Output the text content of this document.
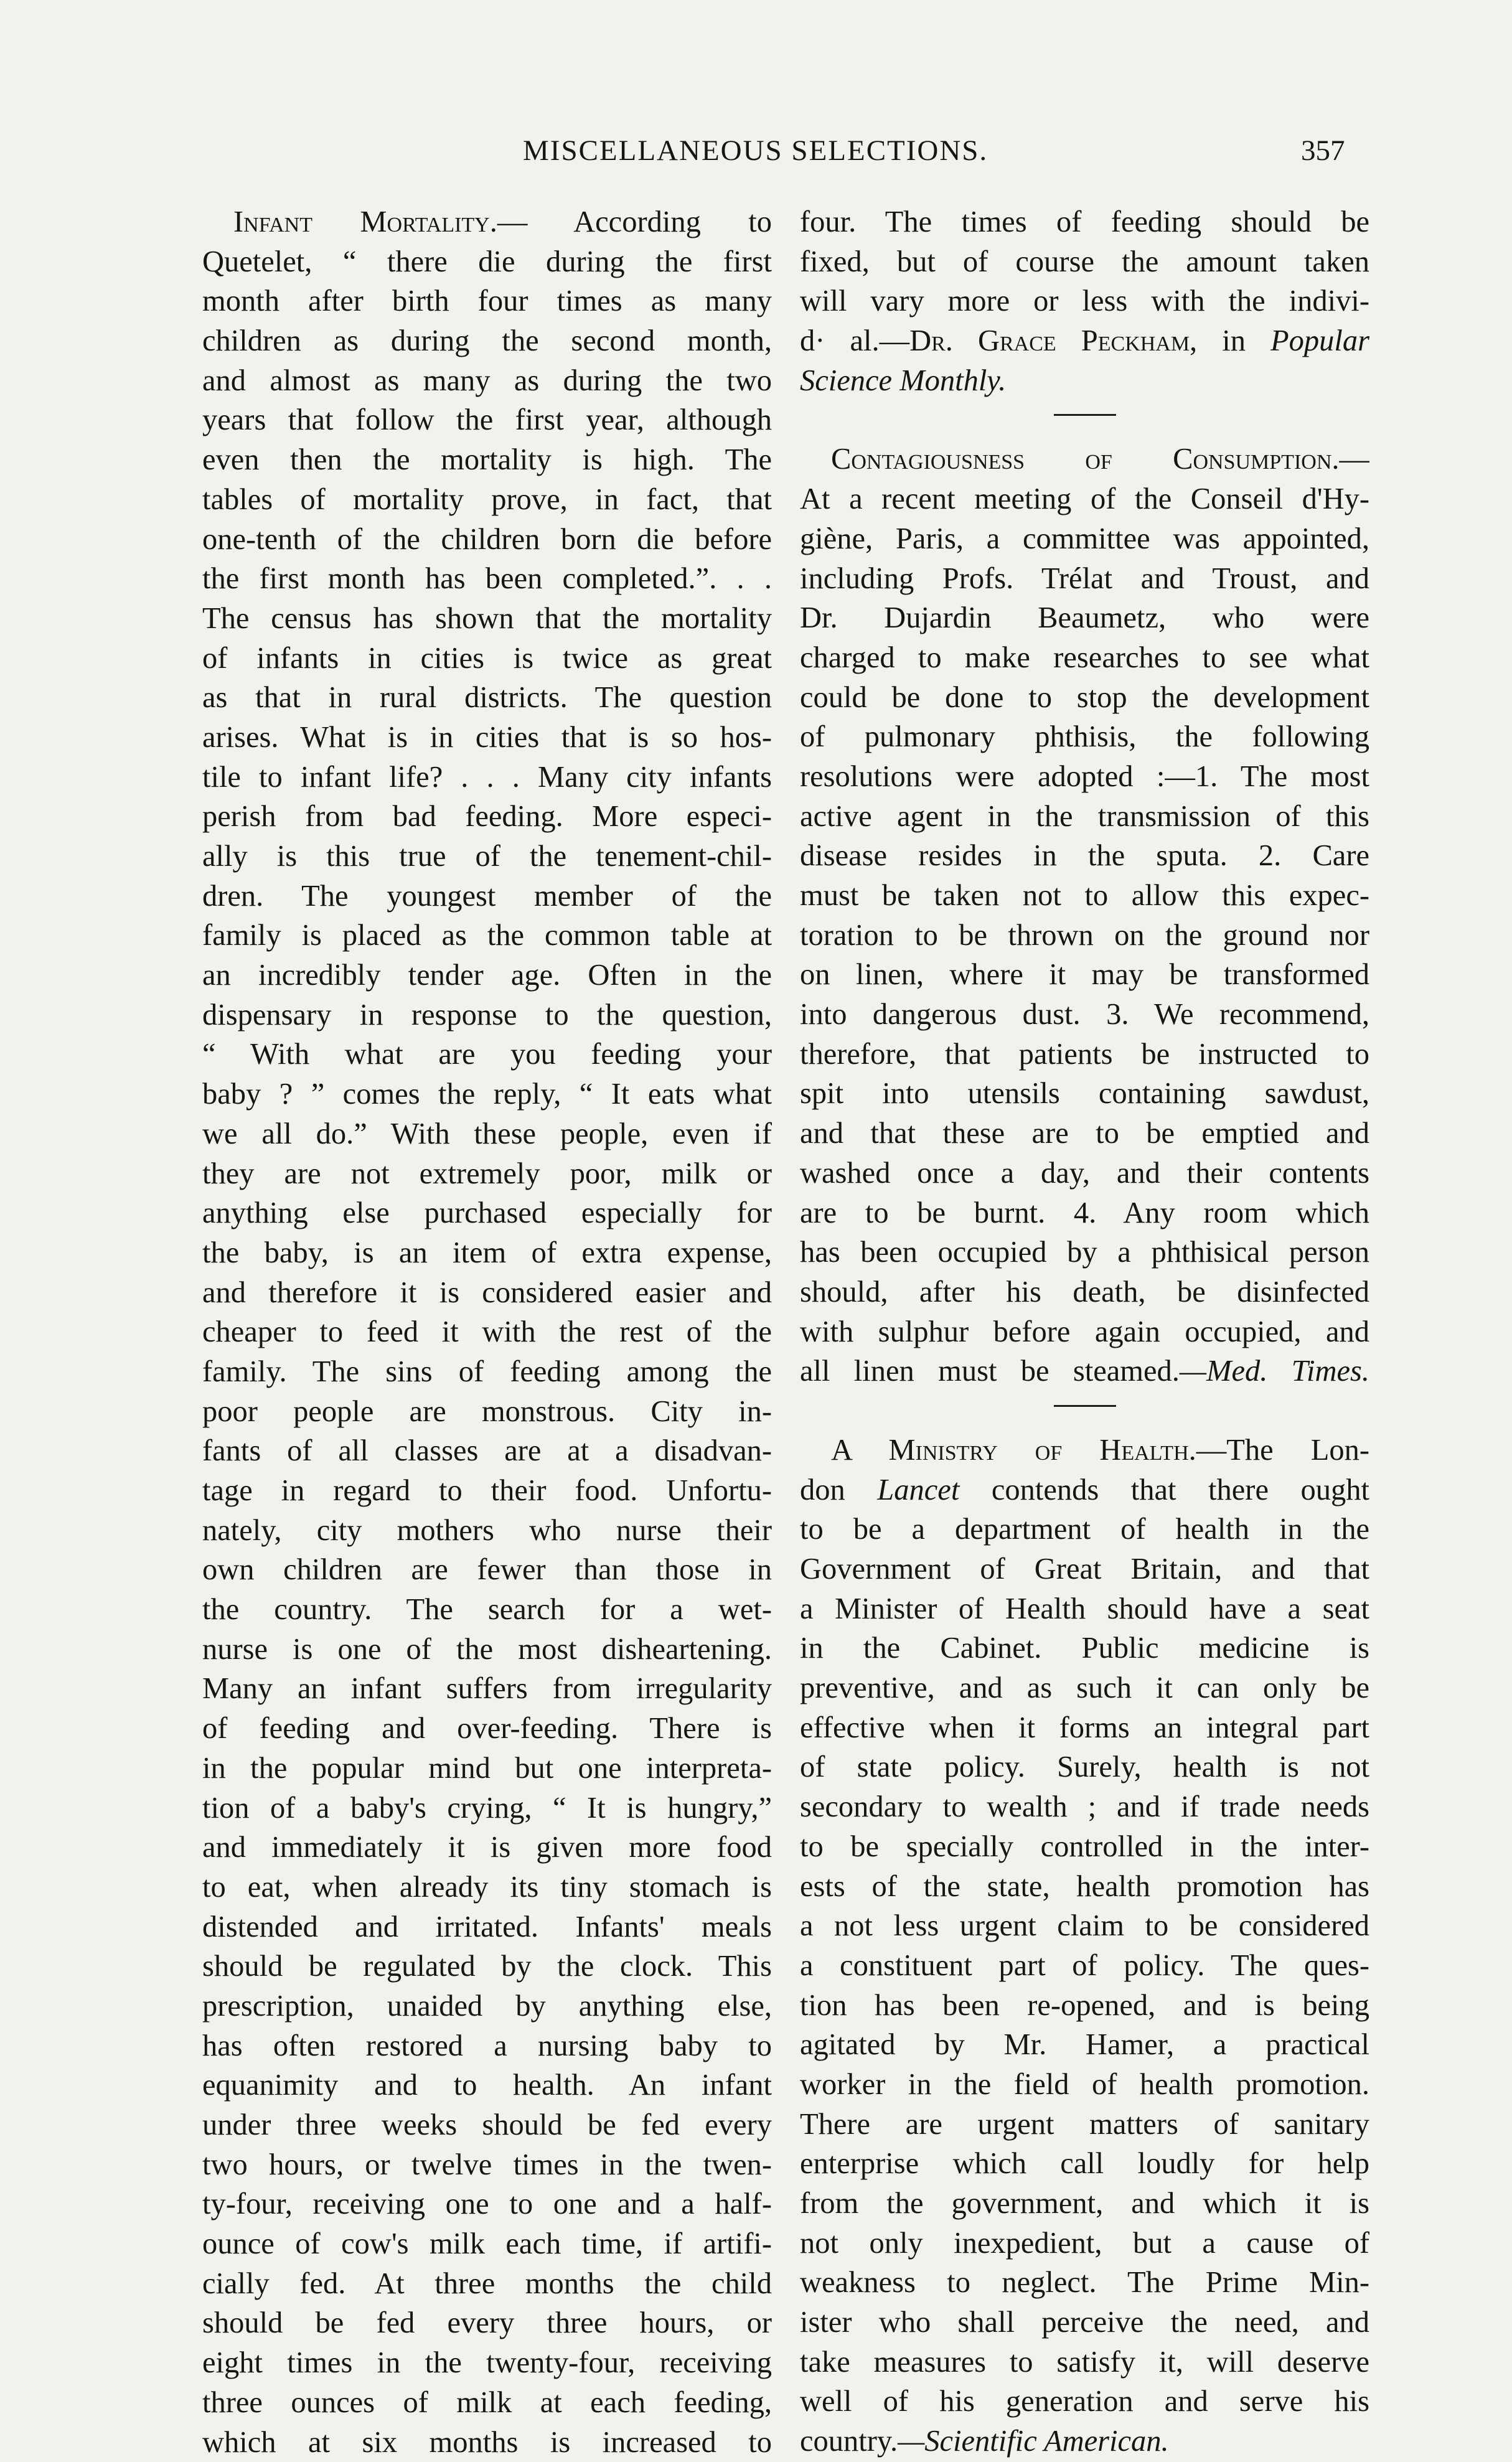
MISCELLANEOUS SELECTIONS.	357
Infant Mortality.— According to
Quetelet, “ there die during the first
month after birth four times as many
children as during the second month,
and almost as many as during the two
years that follow the first year, although
even then the mortality is high. The
tables of mortality prove, in fact, that
one-tenth of the children born die before
the first month has been completed.”. . .
The census has shown that the mortality
of infants in cities is twice as great
as that in rural districts. The question
arises. What is in cities that is so hos-
tile to infant life? . . . Many city infants
perish from bad feeding. More especi-
ally is this true of the tenement-chil-
dren. The youngest member of the
family is placed as the common table at
an incredibly tender age. Often in the
dispensary in response to the question,
“ With what are you feeding your
baby ? ” comes the reply, “ It eats what
we all do.” With these people, even if
they are not extremely poor, milk or
anything else purchased especially for
the baby, is an item of extra expense,
and therefore it is considered easier and
cheaper to feed it with the rest of the
family. The sins of feeding among the
poor people are monstrous. City in-
fants of all classes are at a disadvan-
tage in regard to their food. Unfortu-
nately, city mothers who nurse their
own children are fewer than those in
the country. The search for a wet-
nurse is one of the most disheartening.
Many an infant suffers from irregularity
of feeding and over-feeding. There is
in the popular mind but one interpreta-
tion of a baby's crying, “ It is hungry,”
and immediately it is given more food
to eat, when already its tiny stomach is
distended and irritated. Infants' meals
should be regulated by the clock. This
prescription, unaided by anything else,
has often restored a nursing baby to
equanimity and to health. An infant
under three weeks should be fed every
two hours, or twelve times in the twen-
ty-four, receiving one to one and a half-
ounce of cow's milk each time, if artifi-
cially fed. At three months the child
should be fed every three hours, or
eight times in the twenty-four, receiving
three ounces of milk at each feeding,
which at six months is increased to
four. The times of feeding should be
fixed, but of course the amount taken
will vary more or less with the indivi-
d· al.—Dr. Grace Peckham, in Popular
Science Monthly.
Contagiousness of Consumption.—
At a recent meeting of the Conseil d'Hy-
giène, Paris, a committee was appointed,
including Profs. Trélat and Troust, and
Dr. Dujardin Beaumetz, who were
charged to make researches to see what
could be done to stop the development
of pulmonary phthisis, the following
resolutions were adopted :—1. The most
active agent in the transmission of this
disease resides in the sputa. 2. Care
must be taken not to allow this expec-
toration to be thrown on the ground nor
on linen, where it may be transformed
into dangerous dust. 3. We recommend,
therefore, that patients be instructed to
spit into utensils containing sawdust,
and that these are to be emptied and
washed once a day, and their contents
are to be burnt. 4. Any room which
has been occupied by a phthisical person
should, after his death, be disinfected
with sulphur before again occupied, and
all linen must be steamed.—Med. Times.
A Ministry of Health.—The Lon-
don Lancet contends that there ought
to be a department of health in the
Government of Great Britain, and that
a Minister of Health should have a seat
in the Cabinet. Public medicine is
preventive, and as such it can only be
effective when it forms an integral part
of state policy. Surely, health is not
secondary to wealth ; and if trade needs
to be specially controlled in the inter-
ests of the state, health promotion has
a not less urgent claim to be considered
a constituent part of policy. The ques-
tion has been re-opened, and is being
agitated by Mr. Hamer, a practical
worker in the field of health promotion.
There are urgent matters of sanitary
enterprise which call loudly for help
from the government, and which it is
not only inexpedient, but a cause of
weakness to neglect. The Prime Min-
ister who shall perceive the need, and
take measures to satisfy it, will deserve
well of his generation and serve his
country.—Scientific American.
